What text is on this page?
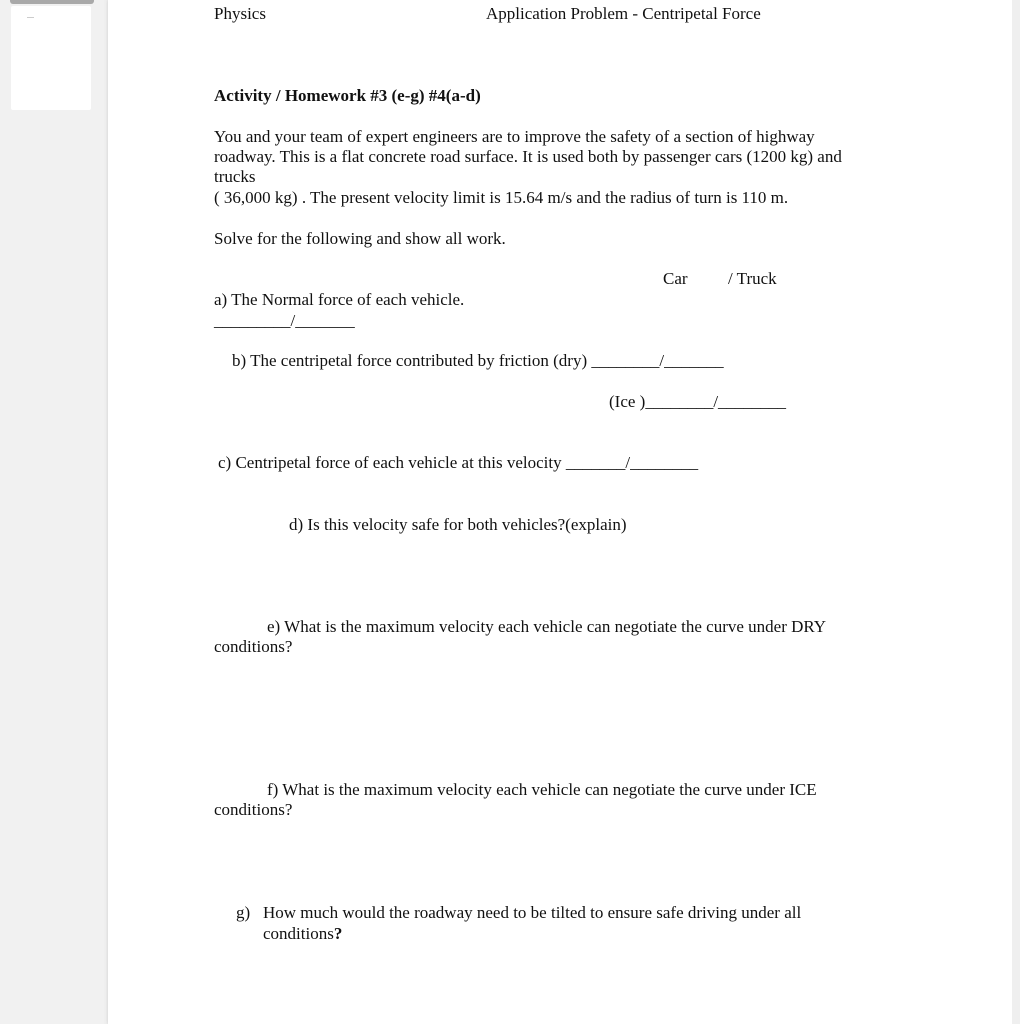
—	Physics	Application Problem - Centripetal Force
Activity / Homework #3 (e-g) #4(a-d)
You and your team of expert engineers are to improve the safety of a section of highway
roadway. This is a flat concrete road surface. It is used both by passenger cars (1200 kg) and
trucks
( 36,000 kg) . The present velocity limit is 15.64 m/s and the radius of turn is 110 m.
Solve for the following and show all work.
Car / Truck
a) The Normal force of each vehicle.
_________/_______
b) The centripetal force contributed by friction (dry) ________/_______
(Ice )________/________
c) Centripetal force of each vehicle at this velocity _______/________
d) Is this velocity safe for both vehicles?(explain)
e) What is the maximum velocity each vehicle can negotiate the curve under DRY
conditions?
f) What is the maximum velocity each vehicle can negotiate the curve under ICE
conditions?
g) How much would the roadway need to be tilted to ensure safe driving under all
conditions?
